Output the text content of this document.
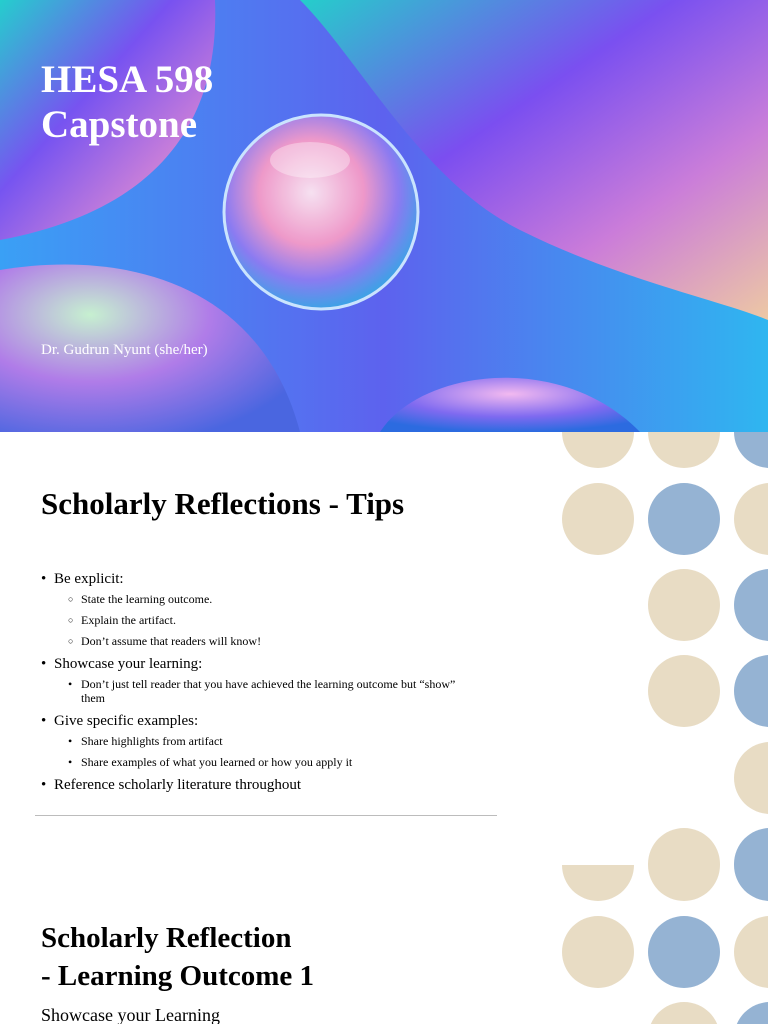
HESA 598 Capstone

Dr. Gudrun Nyunt (she/her)

Scholarly Reflections - Tips
• Be explicit:
○ State the learning outcome.
○ Explain the artifact.
○ Don’t assume that readers will know!
• Showcase your learning:
• Don’t just tell reader that you have achieved the learning outcome but “show” them
• Give specific examples:
• Share highlights from artifact
• Share examples of what you learned or how you apply it
• Reference scholarly literature throughout
Scholarly Reflection
- Learning Outcome 1

Showcase your Learning
